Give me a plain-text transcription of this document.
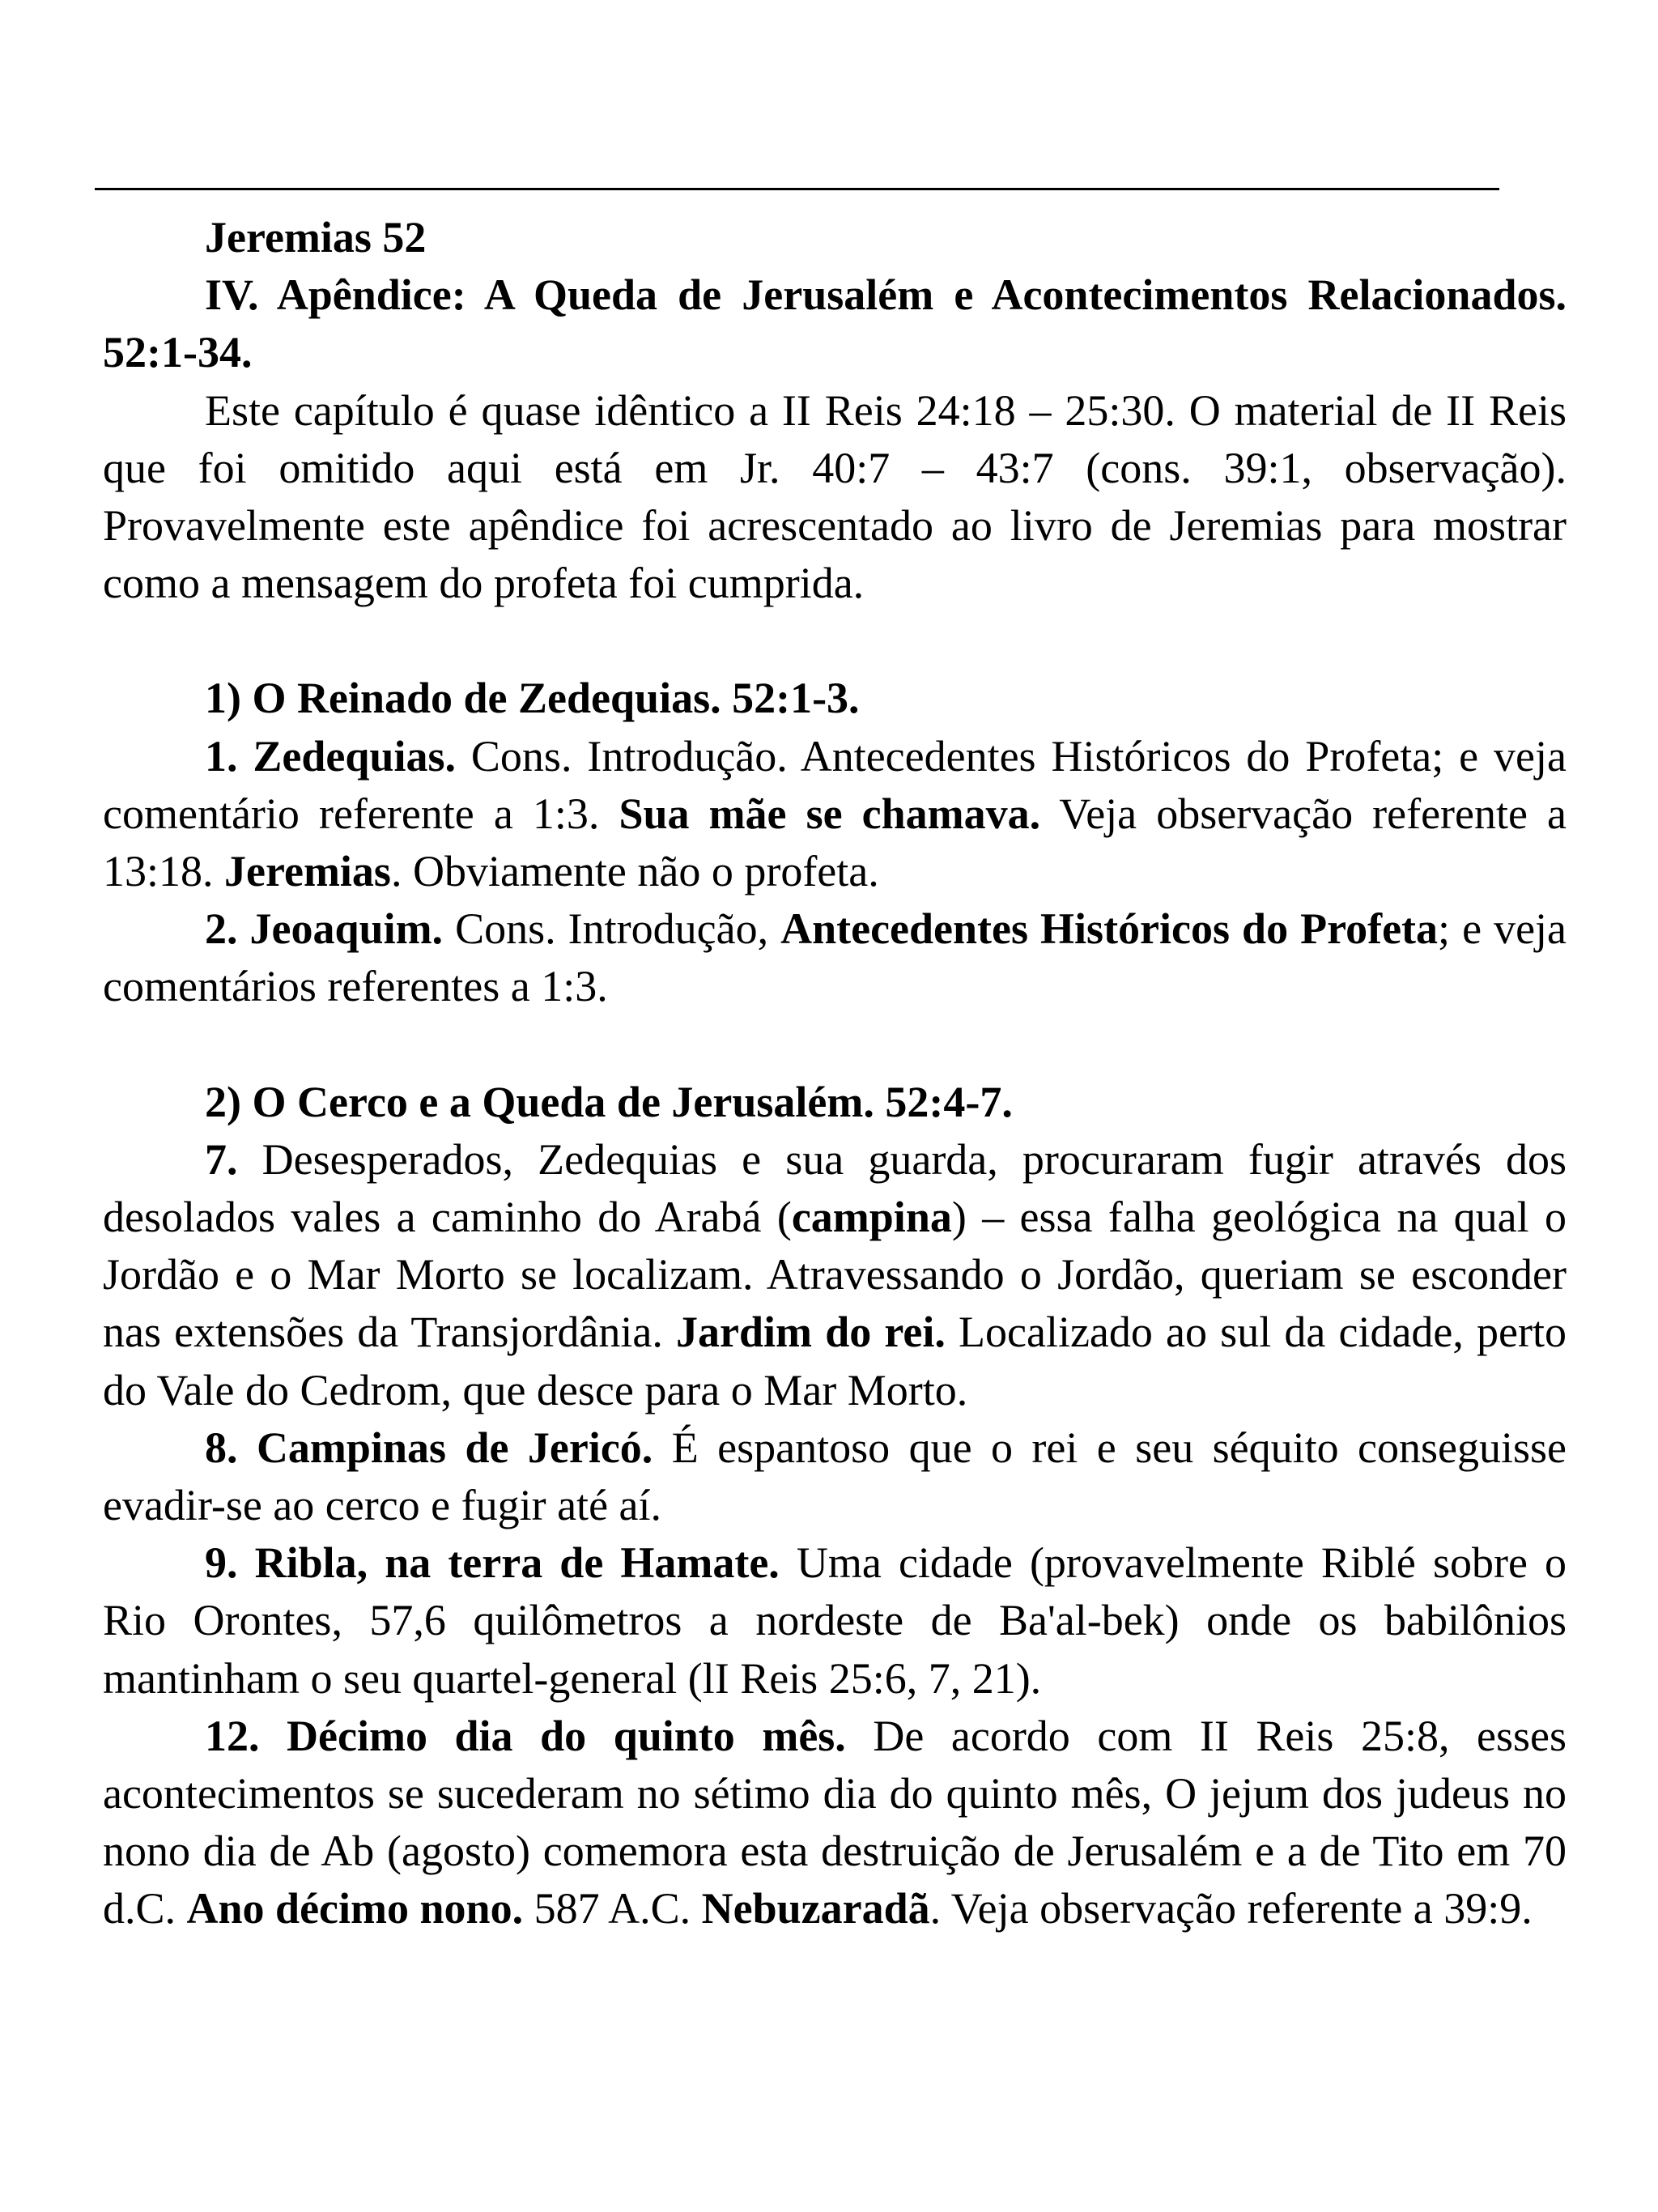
Jeremias 52

IV. Apêndice: A Queda de Jerusalém e Acontecimentos Relacionados. 52:1-34.

Este capítulo é quase idêntico a II Reis 24:18 – 25:30. O material de II Reis que foi omitido aqui está em Jr. 40:7 – 43:7 (cons. 39:1, observação). Provavelmente este apêndice foi acrescentado ao livro de Jeremias para mostrar como a mensagem do profeta foi cumprida.

1) O Reinado de Zedequias. 52:1-3.

1. Zedequias. Cons. Introdução. Antecedentes Históricos do Profeta; e veja comentário referente a 1:3. Sua mãe se chamava. Veja observação referente a 13:18. Jeremias. Obviamente não o profeta.

2. Jeoaquim. Cons. Introdução, Antecedentes Históricos do Profeta; e veja comentários referentes a 1:3.

2) O Cerco e a Queda de Jerusalém. 52:4-7.

7. Desesperados, Zedequias e sua guarda, procuraram fugir através dos desolados vales a caminho do Arabá (campina) – essa falha geológica na qual o Jordão e o Mar Morto se localizam. Atravessando o Jordão, queriam se esconder nas extensões da Transjordânia. Jardim do rei. Localizado ao sul da cidade, perto do Vale do Cedrom, que desce para o Mar Morto.

8. Campinas de Jericó. É espantoso que o rei e seu séquito conseguisse evadir-se ao cerco e fugir até aí.

9. Ribla, na terra de Hamate. Uma cidade (provavelmente Riblé sobre o Rio Orontes, 57,6 quilômetros a nordeste de Ba'al-bek) onde os babilônios mantinham o seu quartel-general (lI Reis 25:6, 7, 21).

12. Décimo dia do quinto mês. De acordo com II Reis 25:8, esses acontecimentos se sucederam no sétimo dia do quinto mês, O jejum dos judeus no nono dia de Ab (agosto) comemora esta destruição de Jerusalém e a de Tito em 70 d.C. Ano décimo nono. 587 A.C. Nebuzaradã. Veja observação referente a 39:9.
